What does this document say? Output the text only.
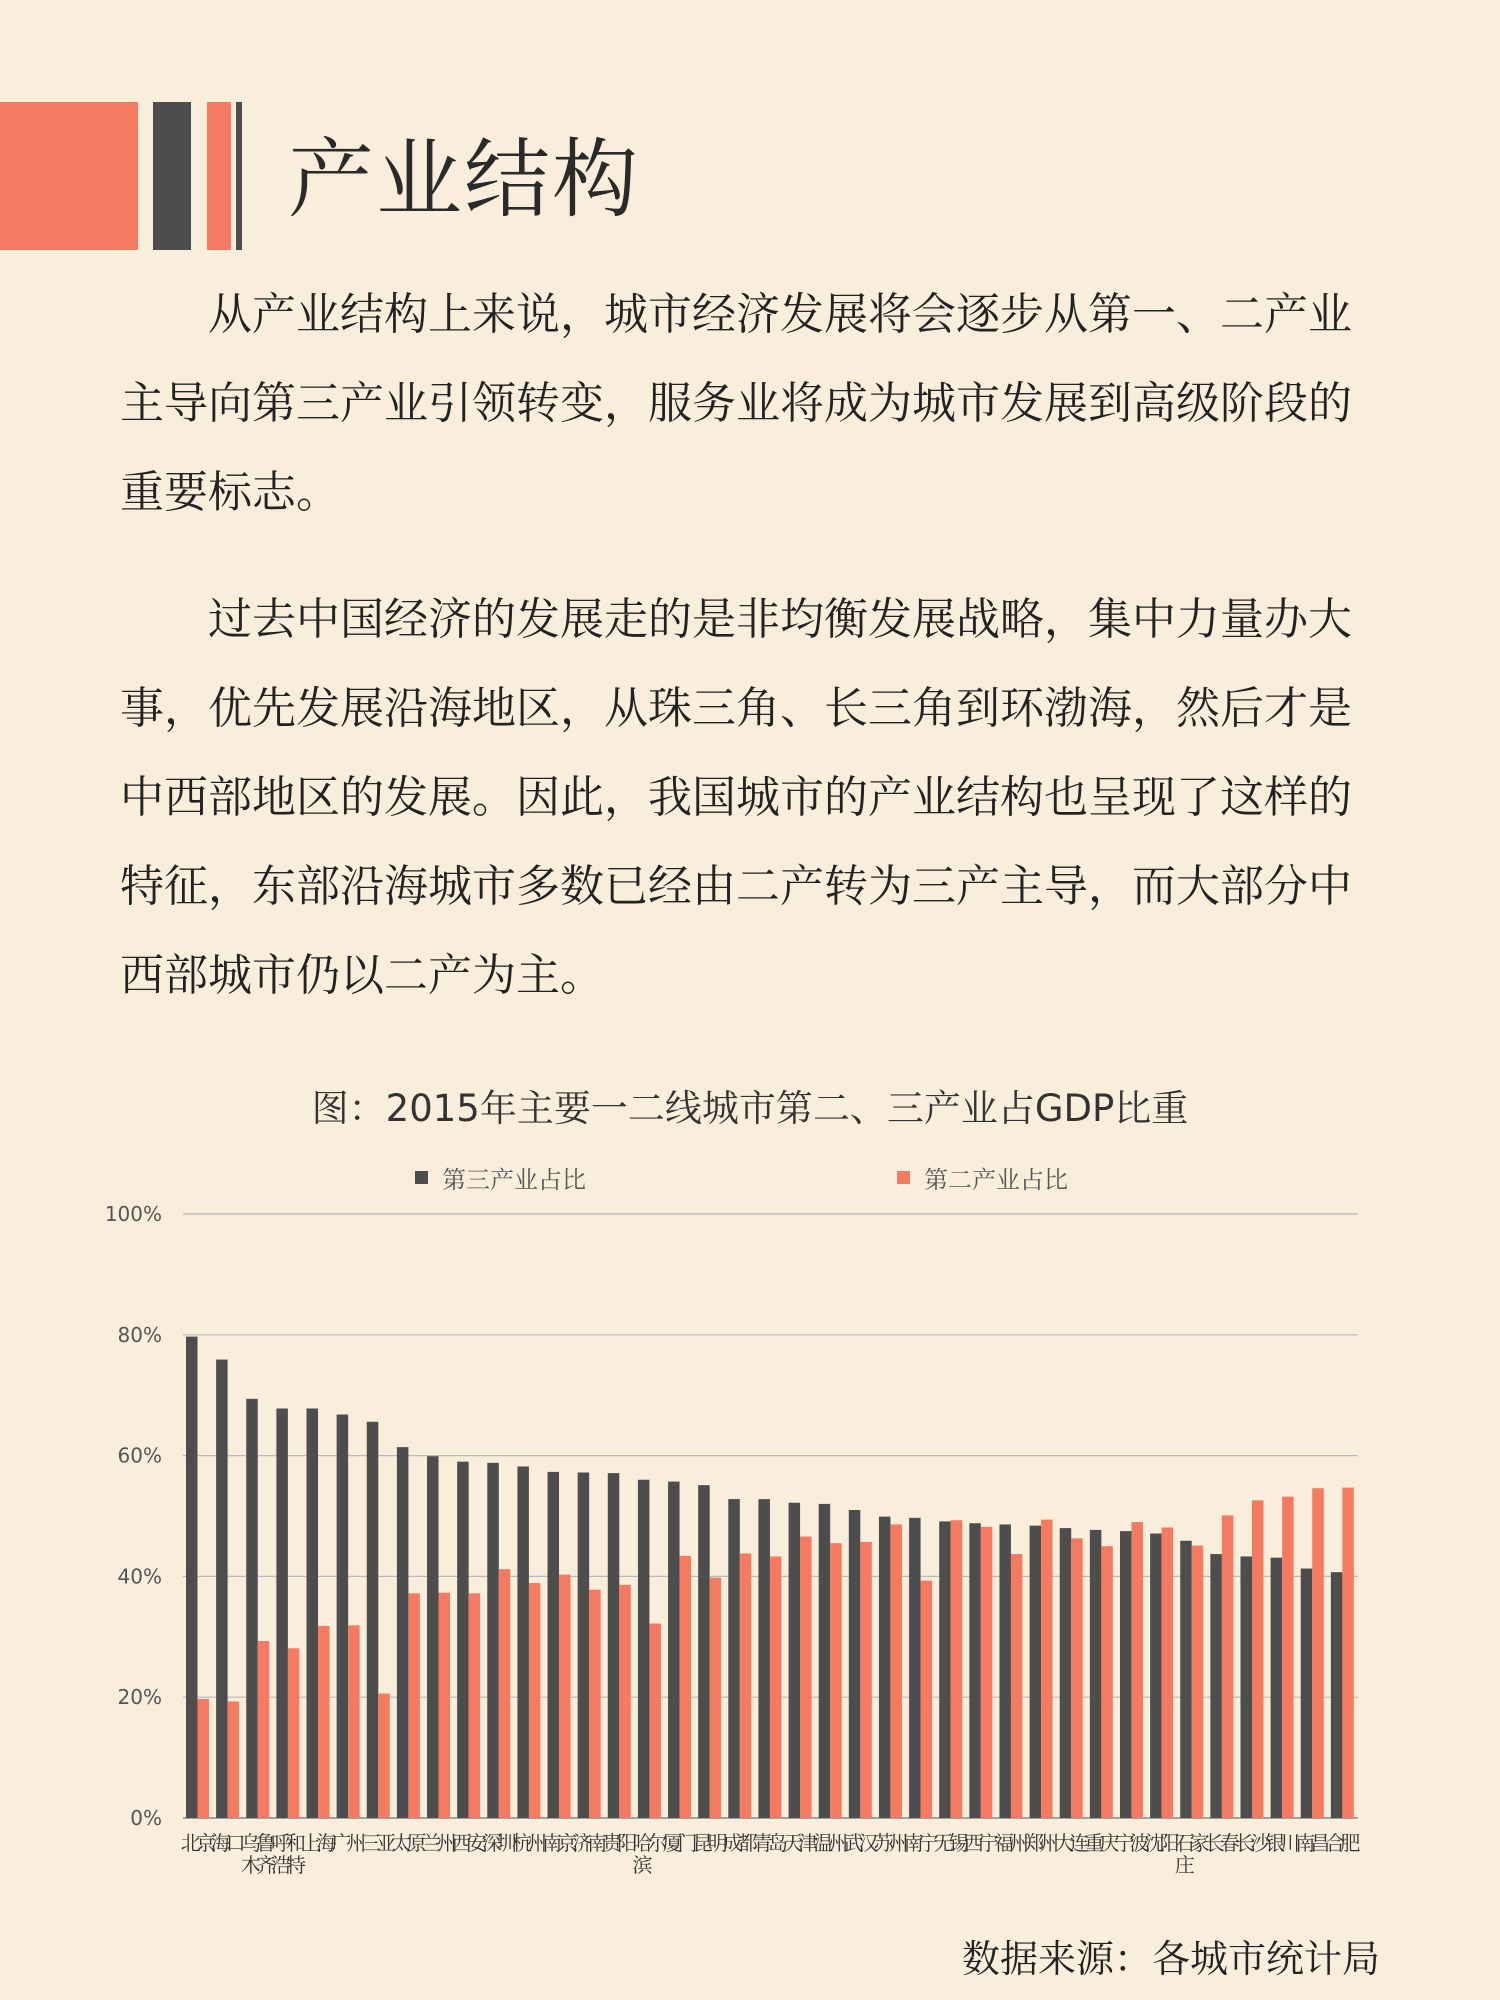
产业结构

从产业结构上来说，城市经济发展将会逐步从第一、二产业主导向第三产业引领转变，服务业将成为城市发展到高级阶段的重要标志。

过去中国经济的发展走的是非均衡发展战略，集中力量办大事，优先发展沿海地区，从珠三角、长三角到环渤海，然后才是中西部地区的发展。因此，我国城市的产业结构也呈现了这样的特征，东部沿海城市多数已经由二产转为三产主导，而大部分中西部城市仍以二产为主。

图：2015年主要一二线城市第二、三产业占GDP比重
第三产业占比	第二产业占比
0%
20%
40%
60%
80%
100%
北
京
海
口
乌
鲁
木
齐
呼
和
浩
特
上
海
广
州
三
亚
太
原
兰
州
西
安
深
圳
杭
州
南
京
济
南
贵
阳
哈
尔
滨
厦
门
昆
明
成
都
青
岛
天
津
温
州
武
汉
苏
州
南
宁
无
锡
西
宁
福
州
郑
州
大
连
重
庆
宁
波
沈
阳
石
家
庄
长
春
长
沙
银
川
南
昌
合
肥
数据来源：各城市统计局
